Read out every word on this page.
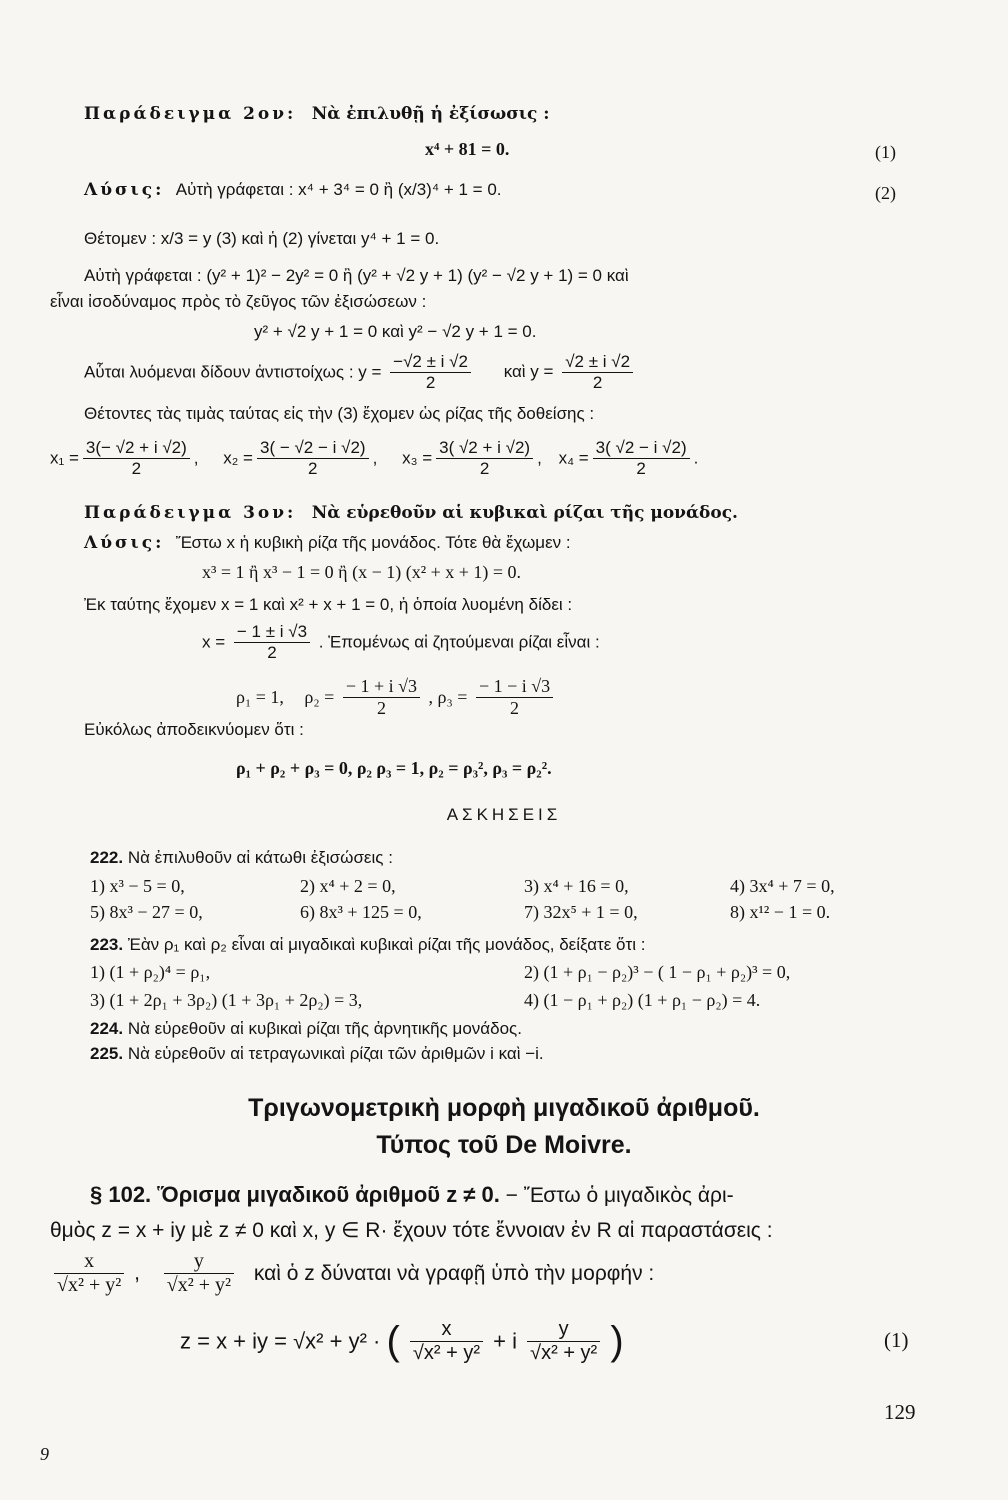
Παράδειγμα 2ον: Νὰ ἐπιλυθῇ ἡ ἐξίσωσις :
x⁴ + 81 = 0.	(1)
Λύσις: Αὐτὴ γράφεται : x⁴ + 3⁴ = 0 ἢ (x/3)⁴ + 1 = 0.	(2)
Θέτομεν : x/3 = y (3) καὶ ἡ (2) γίνεται y⁴ + 1 = 0.
Αὐτὴ γράφεται : (y² + 1)² − 2y² = 0 ἢ (y² + √2 y + 1) (y² − √2 y + 1) = 0 καὶ
εἶναι ἰσοδύναμος πρὸς τὸ ζεῦγος τῶν ἐξισώσεων :
y² + √2 y + 1 = 0 καὶ y² − √2 y + 1 = 0.
Αὗται λυόμεναι δίδουν ἀντιστοίχως : $y = \frac{-√2 \pm i √2}{2}$ καὶ $y = \frac{√2 \pm i √2}{2}$
Θέτοντες τὰς τιμὰς ταύτας εἰς τὴν (3) ἔχομεν ὡς ρίζας τῆς δοθείσης :
$x_1 = \frac{3(- √2 + i √2)}{2}$ , $x_2 = \frac{3( - √2 - i √2)}{2}$ , $x_3 = \frac{3( √2 + i √2)}{2}$ , $x_4 = \frac{3( √2 - i √2)}{2}$ .
Παράδειγμα 3ον: Νὰ εὑρεθοῦν αἱ κυβικαὶ ρίζαι τῆς μονάδος.
Λύσις: Ἔστω x ἡ κυβικὴ ρίζα τῆς μονάδος. Τότε θὰ ἔχωμεν :
x³ = 1 ἢ x³ − 1 = 0 ἢ (x − 1) (x² + x + 1) = 0.
Ἐκ ταύτης ἔχομεν x = 1 καὶ x² + x + 1 = 0, ἡ ὁποία λυομένη δίδει :
$x = \frac{- 1 \pm i √3}{2}$ . Ἑπομένως αἱ ζητούμεναι ρίζαι εἶναι :
ρ₁ = 1, $\rho_2 = \frac{- 1 + i √3}{2}$ , $\rho_3 = \frac{- 1 - i √3}{2}$
Εὐκόλως ἀποδεικνύομεν ὅτι :
ρ₁ + ρ₂ + ρ₃ = 0, ρ₂ ρ₃ = 1, ρ₂ = ρ₃², ρ₃ = ρ₂².
ΑΣΚΗΣΕΙΣ
222. Νὰ ἐπιλυθοῦν αἱ κάτωθι ἐξισώσεις :
1) x³ − 5 = 0,	2) x⁴ + 2 = 0,	3) x⁴ + 16 = 0,	4) 3x⁴ + 7 = 0,
5) 8x³ − 27 = 0,	6) 8x³ + 125 = 0,	7) 32x⁵ + 1 = 0,	8) x¹² − 1 = 0.
223. Ἐὰν ρ₁ καὶ ρ₂ εἶναι αἱ μιγαδικαὶ κυβικαὶ ρίζαι τῆς μονάδος, δείξατε ὅτι :
1) (1 + ρ₂)⁴ = ρ₁,	2) (1 + ρ₁ − ρ₂)³ − ( 1 − ρ₁ + ρ₂)³ = 0,
3) (1 + 2ρ₁ + 3ρ₂) (1 + 3ρ₁ + 2ρ₂) = 3,	4) (1 − ρ₁ + ρ₂) (1 + ρ₁ − ρ₂) = 4.
224. Νὰ εὑρεθοῦν αἱ κυβικαὶ ρίζαι τῆς ἀρνητικῆς μονάδος.
225. Νὰ εὑρεθοῦν αἱ τετραγωνικαὶ ρίζαι τῶν ἀριθμῶν i καὶ −i.
Τριγωνομετρικὴ μορφὴ μιγαδικοῦ ἀριθμοῦ.
Τύπος τοῦ De Moivre.
§ 102. Ὅρισμα μιγαδικοῦ ἀριθμοῦ z ≠ 0. − Ἔστω ὁ μιγαδικὸς ἀρι-
θμὸς z = x + iy μὲ z ≠ 0 καὶ x, y ∈ R· ἔχουν τότε ἔννοιαν ἐν R αἱ παραστάσεις :
$\frac{x}{\text{√x² + y²}}$ , $\frac{y}{\text{√x² + y²}}$ καὶ ὁ z δύναται νὰ γραφῇ ὑπὸ τὴν μορφήν :
z = x + iy = √x² + y² · ( $\frac{x}{\text{√x² + y²}} + i \frac{y}{\text{√x² + y²}}$ )	(1)
9
129
